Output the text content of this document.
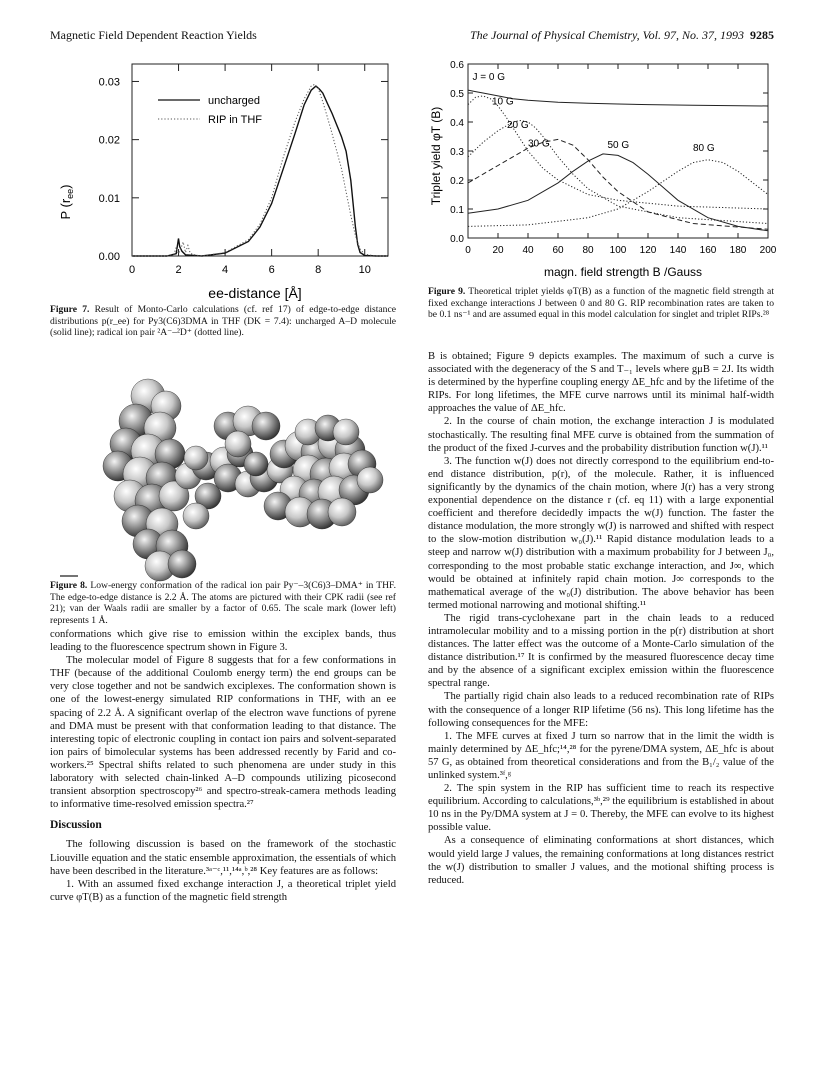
Magnetic Field Dependent Reaction Yields	The Journal of Physical Chemistry, Vol. 97, No. 37, 1993 9285
0	2	4	6	8	10
0.00
0.01
0.02
0.03
uncharged
RIP in THF
ee-distance [Å]
P $(r_{ee})$
Figure 7. Result of Monto-Carlo calculations (cf. ref 17) of edge-to-edge distance distributions p(r_ee) for Py3(C6)3DMA in THF (DK = 7.4): uncharged A–D molecule (solid line); radical ion pair ²A⁻–²D⁺ (dotted line).
Figure 8. Low-energy conformation of the radical ion pair Py⁻–3(C6)3–DMA⁺ in THF. The edge-to-edge distance is 2.2 Å. The atoms are pictured with their CPK radii (see ref 21); van der Waals radii are smaller by a factor of 0.65. The scale mark (lower left) represents 1 Å.

conformations which give rise to emission within the exciplex bands, thus leading to the fluorescence spectrum shown in Figure 3.

The molecular model of Figure 8 suggests that for a few conformations in THF (because of the additional Coulomb energy term) the end groups can be very close together and not be sandwich exciplexes. The conformation shown is one of the lowest-energy simulated RIP conformations in THF, with an ee spacing of 2.2 Å. A significant overlap of the electron wave functions of pyrene and DMA must be present with that conformation leading to that distance. The interesting topic of electronic coupling in contact ion pairs and solvent-separated ion pairs of bimolecular systems has been addressed recently by Farid and co-workers.²⁵ Spectral shifts related to such phenomena are under study in this laboratory with selected chain-linked A–D compounds utilizing picosecond transient absorption spectroscopy²⁶ and spectro-streak-camera methods leading to informative time-resolved emission spectra.²⁷

Discussion

The following discussion is based on the framework of the stochastic Liouville equation and the static ensemble approximation, the essentials of which have been described in the literature.³ᵃ⁻ᶜ,¹¹,¹⁴ᵃ,ᵇ,²⁸ Key features are as follows:

1. With an assumed fixed exchange interaction J, a theoretical triplet yield curve φT(B) as a function of the magnetic field strength

0 20 40 60 80 100 120 140 160 180 200
0.0
0.1
0.2
0.3
0.4
0.5
0.6
J = 0 G
10 G
20 G
30 G	50 G	80 G
magn. field strength B /Gauss
Triplet yield φT (B)
Figure 9. Theoretical triplet yields φT(B) as a function of the magnetic field strength at fixed exchange interactions J between 0 and 80 G. RIP recombination rates are taken to be 0.1 ns⁻¹ and are assumed equal in this model calculation for singlet and triplet RIPs.²⁸

B is obtained; Figure 9 depicts examples. The maximum of such a curve is associated with the degeneracy of the S and T₋₁ levels where gμB = 2J. Its width is determined by the hyperfine coupling energy ΔE_hfc and by the lifetime of the RIPs. For long lifetimes, the MFE curve narrows until its minimal half-width approaches the value of ΔE_hfc.

2. In the course of chain motion, the exchange interaction J is modulated stochastically. The resulting final MFE curve is obtained from the summation of the product of the fixed J-curves and the probability distribution function w(J).¹¹

3. The function w(J) does not directly correspond to the equilibrium end-to-end distance distribution, p(r), of the molecule. Rather, it is influenced significantly by the dynamics of the chain motion, where J(r) has a very strong exponential dependence on the distance r (cf. eq 11) with a large exponential coefficient and therefore decidedly impacts the w(J) function. The faster the distance modulation, the more strongly w(J) is narrowed and shifted with respect to the slow-motion distribution w₀(J).¹¹ Rapid distance modulation leads to a steep and narrow w(J) distribution with a maximum probability for J between J₀, corresponding to the most probable static exchange interaction, and J∞, which would be obtained at infinitely rapid chain motion. J∞ corresponds to the mathematical average of the w₀(J) distribution. The above behavior has been termed motional narrowing and motional shifting.¹¹

The rigid trans-cyclohexane part in the chain leads to a reduced intramolecular mobility and to a missing portion in the p(r) distribution at short distances. The latter effect was the outcome of a Monte-Carlo simulation of the distance distribution.¹⁷ It is confirmed by the measured fluorescence decay time and by the absence of a significant exciplex emission within the fluorescence spectral range.

The partially rigid chain also leads to a reduced recombination rate of RIPs with the consequence of a longer RIP lifetime (56 ns). This long lifetime has the following consequences for the MFE:

1. The MFE curves at fixed J turn so narrow that in the limit the width is mainly determined by ΔE_hfc;¹⁴,²⁸ for the pyrene/DMA system, ΔE_hfc is about 57 G, as obtained from theoretical considerations and from the B₁/₂ value of the unlinked system.³ᶠ,ᵍ

2. The spin system in the RIP has sufficient time to reach its respective equilibrium. According to calculations,³ᵇ,²⁹ the equilibrium is established in about 10 ns in the Py/DMA system at J = 0. Thereby, the MFE can evolve to its highest possible value.

As a consequence of eliminating conformations at short distances, which would yield large J values, the remaining conformations at long distances restrict the w(J) distribution to smaller J values, and the motional shifting process is reduced.
